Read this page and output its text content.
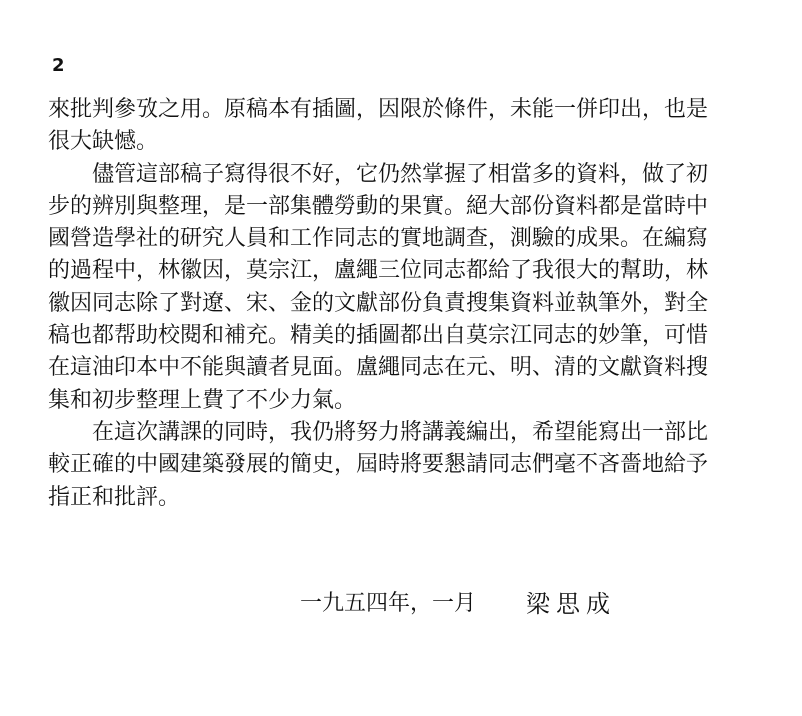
2
來批判參攷之用。原稿本有插圖，因限於條件，未能一併印出，也是
很大缺憾。
　　儘管這部稿子寫得很不好，它仍然掌握了相當多的資料，做了初
步的辨別與整理，是一部集體勞動的果實。絕大部份資料都是當時中
國營造學社的研究人員和工作同志的實地調查，測驗的成果。在編寫
的過程中，林徽因，莫宗江，盧繩三位同志都給了我很大的幫助，林
徽因同志除了對遼、宋、金的文獻部份負責搜集資料並執筆外，對全
稿也都帮助校閱和補充。精美的插圖都出自莫宗江同志的妙筆，可惜
在這油印本中不能與讀者見面。盧繩同志在元、明、清的文獻資料搜
集和初步整理上費了不少力氣。
　　在這次講課的同時，我仍將努力將講義編出，希望能寫出一部比
較正確的中國建築發展的簡史，屆時將要懇請同志們毫不吝嗇地給予
指正和批評。
一九五四年，一月 梁思成
